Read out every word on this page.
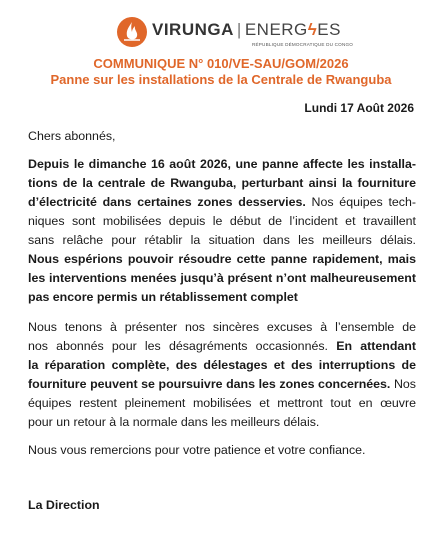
VIRUNGA | ENERGϟES
RÉPUBLIQUE DÉMOCRATIQUE DU CONGO
COMMUNIQUE N° 010/VE-SAU/GOM/2026
Panne sur les installations de la Centrale de Rwanguba
Lundi 17 Août 2026
Chers abonnés,
Depuis le dimanche 16 août 2026, une panne affecte les installa-
tions de la centrale de Rwanguba, perturbant ainsi la fourniture
d’électricité dans certaines zones desservies. Nos équipes tech-
niques sont mobilisées depuis le début de l’incident et travaillent
sans relâche pour rétablir la situation dans les meilleurs délais.
Nous espérions pouvoir résoudre cette panne rapidement, mais
les interventions menées jusqu’à présent n’ont malheureusement
pas encore permis un rétablissement complet
Nous tenons à présenter nos sincères excuses à l’ensemble de
nos abonnés pour les désagréments occasionnés. En attendant
la réparation complète, des délestages et des interruptions de
fourniture peuvent se poursuivre dans les zones concernées. Nos
équipes restent pleinement mobilisées et mettront tout en œuvre
pour un retour à la normale dans les meilleurs délais.
Nous vous remercions pour votre patience et votre confiance.
La Direction
